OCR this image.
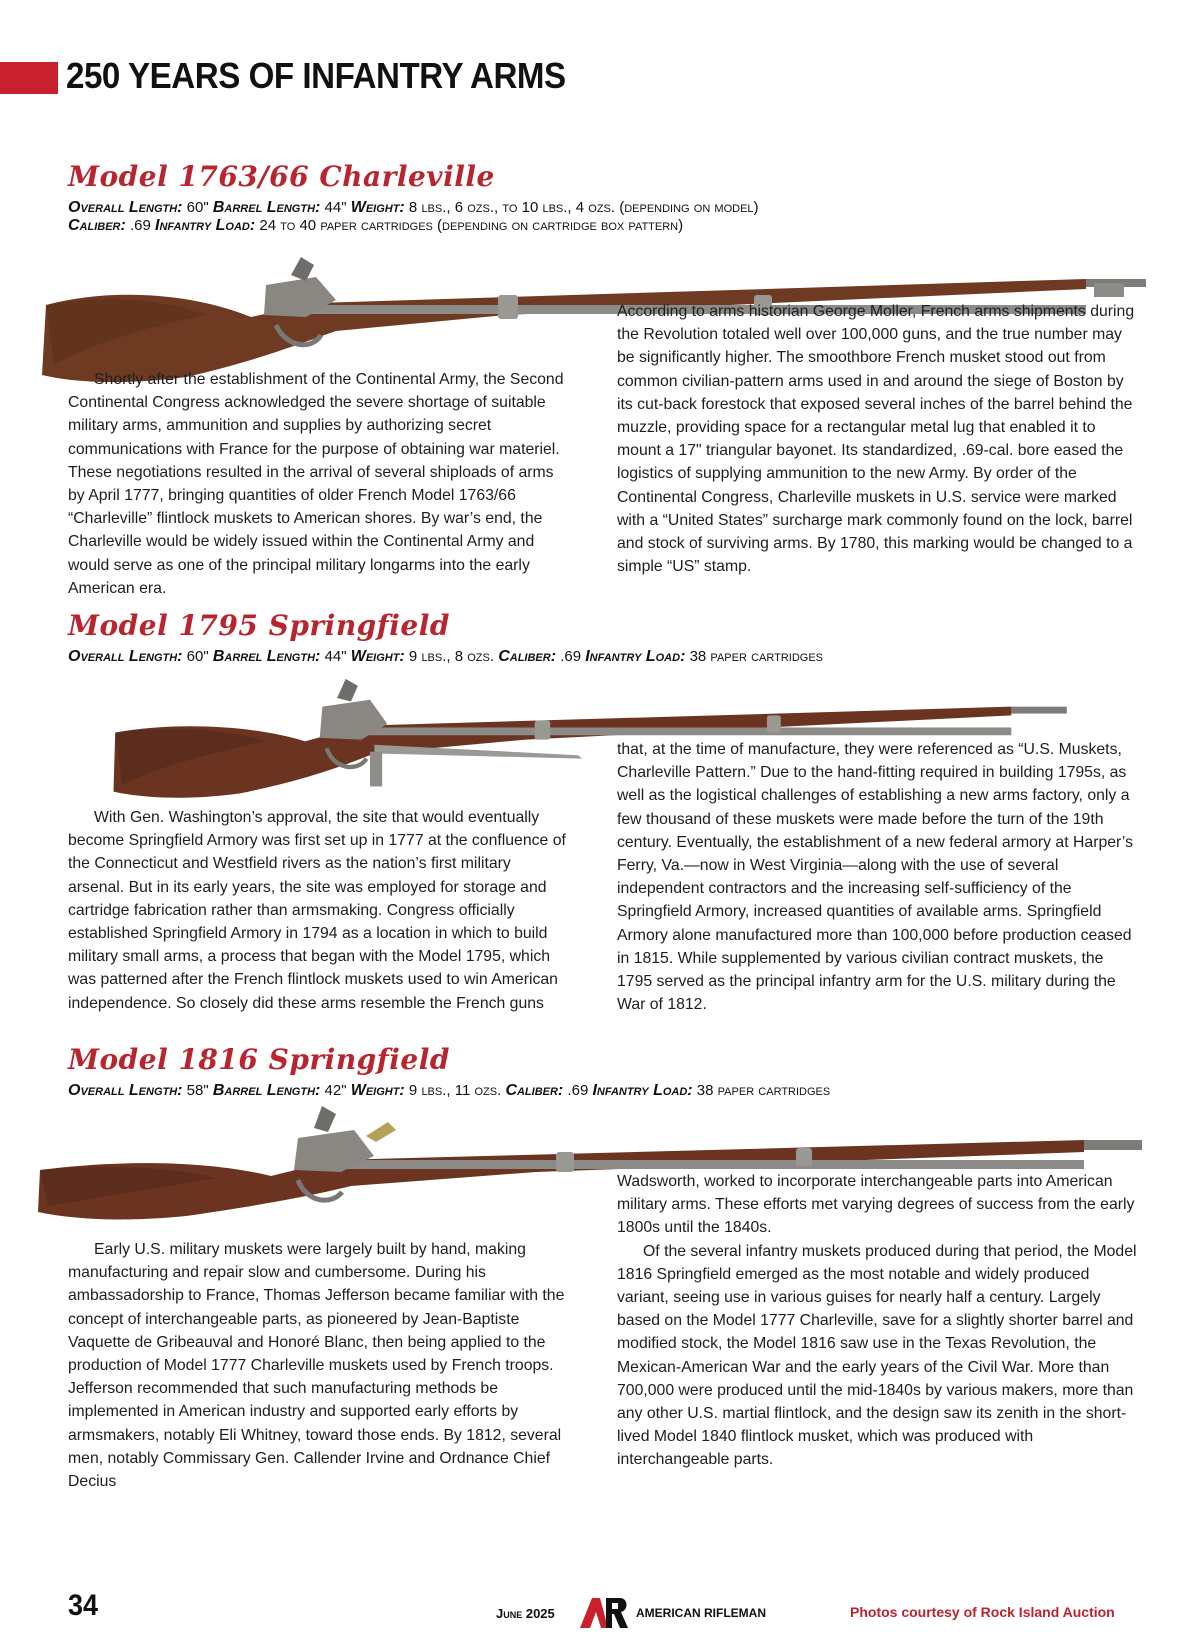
250 YEARS OF INFANTRY ARMS
Model 1763/66 Charleville

Overall Length: 60" Barrel Length: 44" Weight: 8 lbs., 6 ozs., to 10 lbs., 4 ozs. (depending on model)

Caliber: .69 Infantry Load: 24 to 40 paper cartridges (depending on cartridge box pattern)

Shortly after the establishment of the Continental Army, the Second Continental Congress acknowledged the severe shortage of suitable military arms, ammunition and supplies by authorizing secret communications with France for the purpose of obtaining war materiel. These negotiations resulted in the arrival of several shiploads of arms by April 1777, bringing quantities of older French Model 1763/66 “Charleville” flintlock muskets to American shores. By war’s end, the Charleville would be widely issued within the Continental Army and would serve as one of the principal military longarms into the early American era.

According to arms historian George Moller, French arms shipments during the Revolution totaled well over 100,000 guns, and the true number may be significantly higher. The smoothbore French musket stood out from common civilian-pattern arms used in and around the siege of Boston by its cut-back forestock that exposed several inches of the barrel behind the muzzle, providing space for a rectangular metal lug that enabled it to mount a 17" triangular bayonet. Its standardized, .69-cal. bore eased the logistics of supplying ammunition to the new Army. By order of the Continental Congress, Charleville muskets in U.S. service were marked with a “United States” surcharge mark commonly found on the lock, barrel and stock of surviving arms. By 1780, this marking would be changed to a simple “US” stamp.

Model 1795 Springfield

Overall Length: 60" Barrel Length: 44" Weight: 9 lbs., 8 ozs. Caliber: .69 Infantry Load: 38 paper cartridges

With Gen. Washington’s approval, the site that would eventually become Springfield Armory was first set up in 1777 at the confluence of the Connecticut and Westfield rivers as the nation’s first military arsenal. But in its early years, the site was employed for storage and cartridge fabrication rather than armsmaking. Congress officially established Springfield Armory in 1794 as a location in which to build military small arms, a process that began with the Model 1795, which was patterned after the French flintlock muskets used to win American independence. So closely did these arms resemble the French guns

that, at the time of manufacture, they were referenced as “U.S. Muskets, Charleville Pattern.” Due to the hand-fitting required in building 1795s, as well as the logistical challenges of establishing a new arms factory, only a few thousand of these muskets were made before the turn of the 19th century. Eventually, the establishment of a new federal armory at Harper’s Ferry, Va.—now in West Virginia—along with the use of several independent contractors and the increasing self-sufficiency of the Springfield Armory, increased quantities of available arms. Springfield Armory alone manufactured more than 100,000 before production ceased in 1815. While supplemented by various civilian contract muskets, the 1795 served as the principal infantry arm for the U.S. military during the War of 1812.

Model 1816 Springfield

Overall Length: 58" Barrel Length: 42" Weight: 9 lbs., 11 ozs. Caliber: .69 Infantry Load: 38 paper cartridges

Early U.S. military muskets were largely built by hand, making manufacturing and repair slow and cumbersome. During his ambassadorship to France, Thomas Jefferson became familiar with the concept of interchangeable parts, as pioneered by Jean-Baptiste Vaquette de Gribeauval and Honoré Blanc, then being applied to the production of Model 1777 Charleville muskets used by French troops. Jefferson recommended that such manufacturing methods be implemented in American industry and supported early efforts by armsmakers, notably Eli Whitney, toward those ends. By 1812, several men, notably Commissary Gen. Callender Irvine and Ordnance Chief Decius

Wadsworth, worked to incorporate interchangeable parts into American military arms. These efforts met varying degrees of success from the early 1800s until the 1840s.

Of the several infantry muskets produced during that period, the Model 1816 Springfield emerged as the most notable and widely produced variant, seeing use in various guises for nearly half a century. Largely based on the Model 1777 Charleville, save for a slightly shorter barrel and modified stock, the Model 1816 saw use in the Texas Revolution, the Mexican-American War and the early years of the Civil War. More than 700,000 were produced until the mid-1840s by various makers, more than any other U.S. martial flintlock, and the design saw its zenith in the short-lived Model 1840 flintlock musket, which was produced with interchangeable parts.

34	June 2025	AMERICAN RIFLEMAN	Photos courtesy of Rock Island Auction
